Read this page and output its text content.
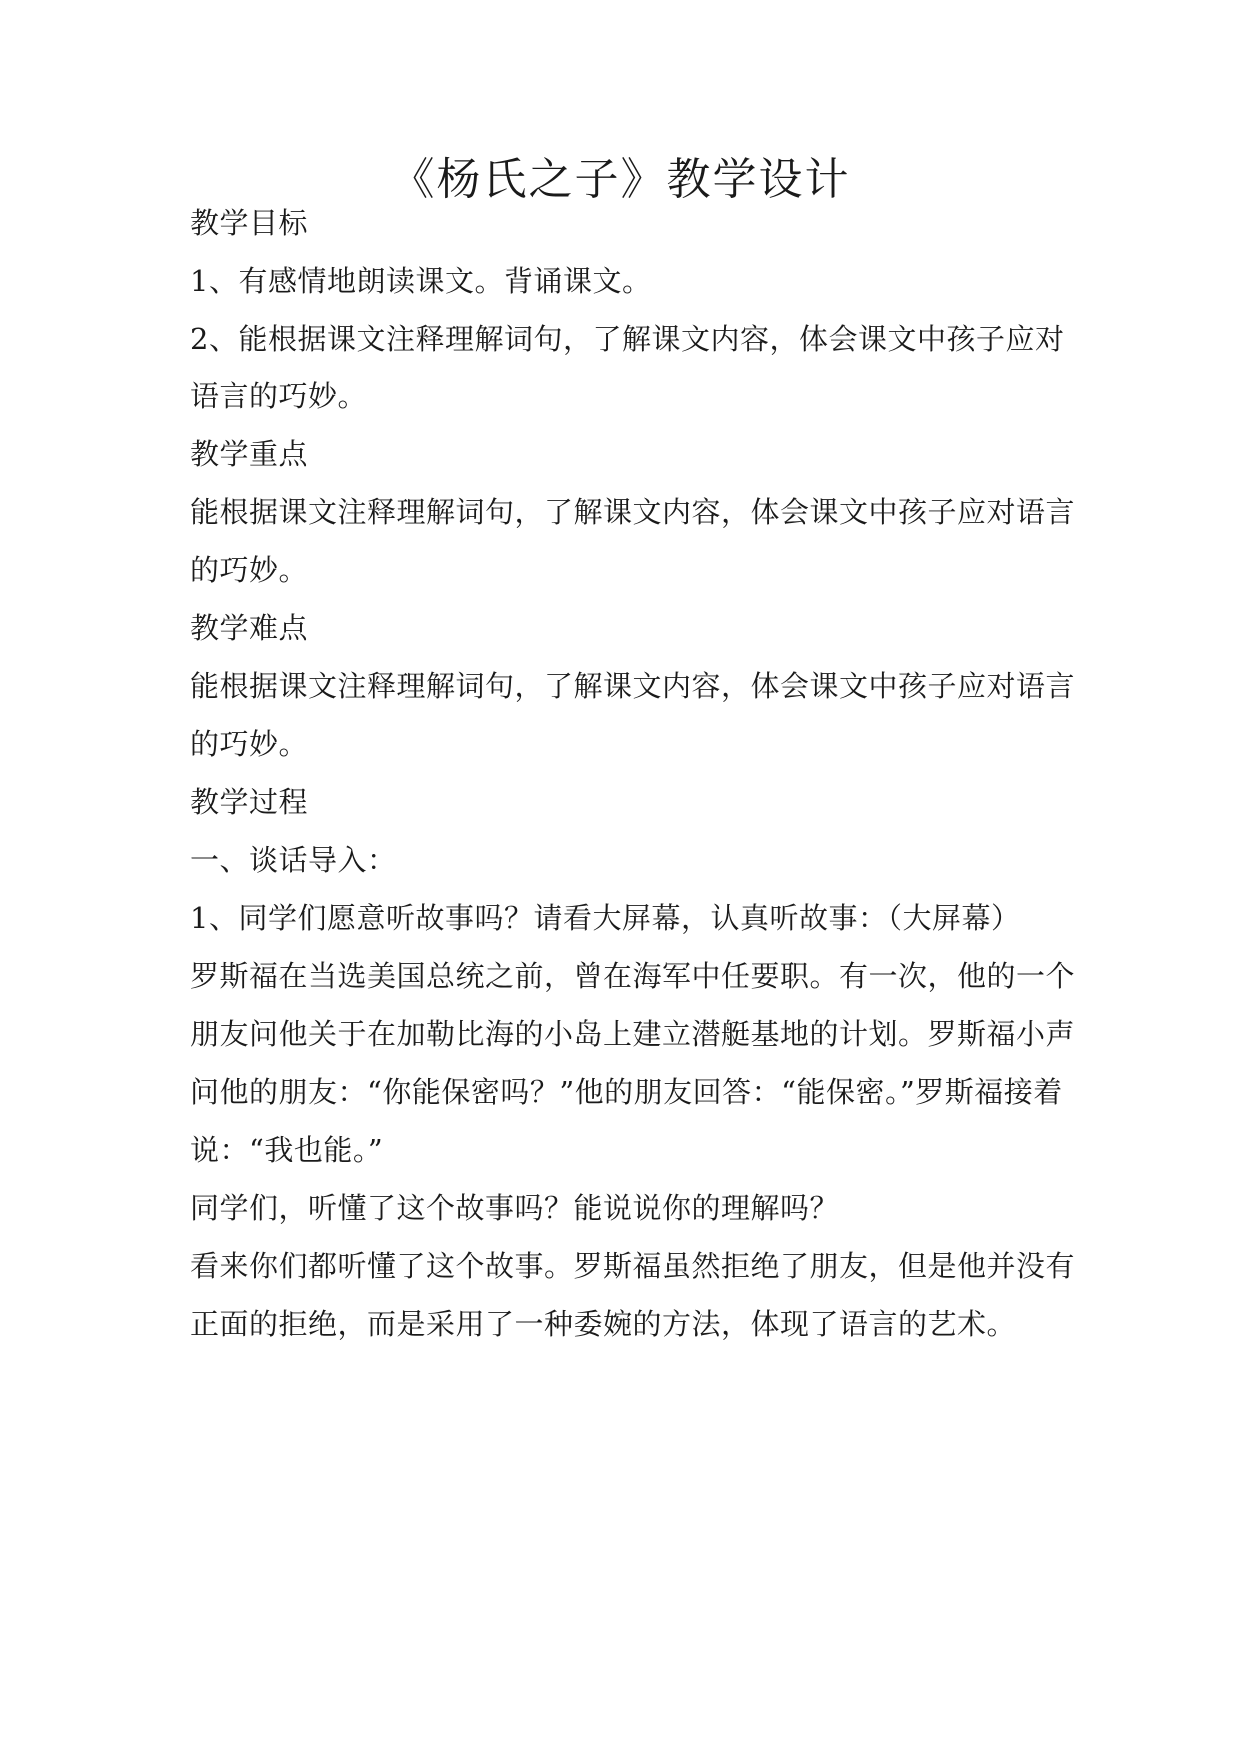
《杨氏之子》教学设计
教学目标
1、有感情地朗读课文。背诵课文。
2、能根据课文注释理解词句，了解课文内容，体会课文中孩子应对
语言的巧妙。
教学重点
能根据课文注释理解词句，了解课文内容，体会课文中孩子应对语言
的巧妙。
教学难点
能根据课文注释理解词句，了解课文内容，体会课文中孩子应对语言
的巧妙。
教学过程
一、谈话导入：
1、同学们愿意听故事吗？请看大屏幕，认真听故事：（大屏幕）
罗斯福在当选美国总统之前，曾在海军中任要职。有一次，他的一个
朋友问他关于在加勒比海的小岛上建立潜艇基地的计划。罗斯福小声
问他的朋友：“你能保密吗？”他的朋友回答：“能保密。”罗斯福接着
说：“我也能。”
同学们，听懂了这个故事吗？能说说你的理解吗？
看来你们都听懂了这个故事。罗斯福虽然拒绝了朋友，但是他并没有
正面的拒绝，而是采用了一种委婉的方法，体现了语言的艺术。
